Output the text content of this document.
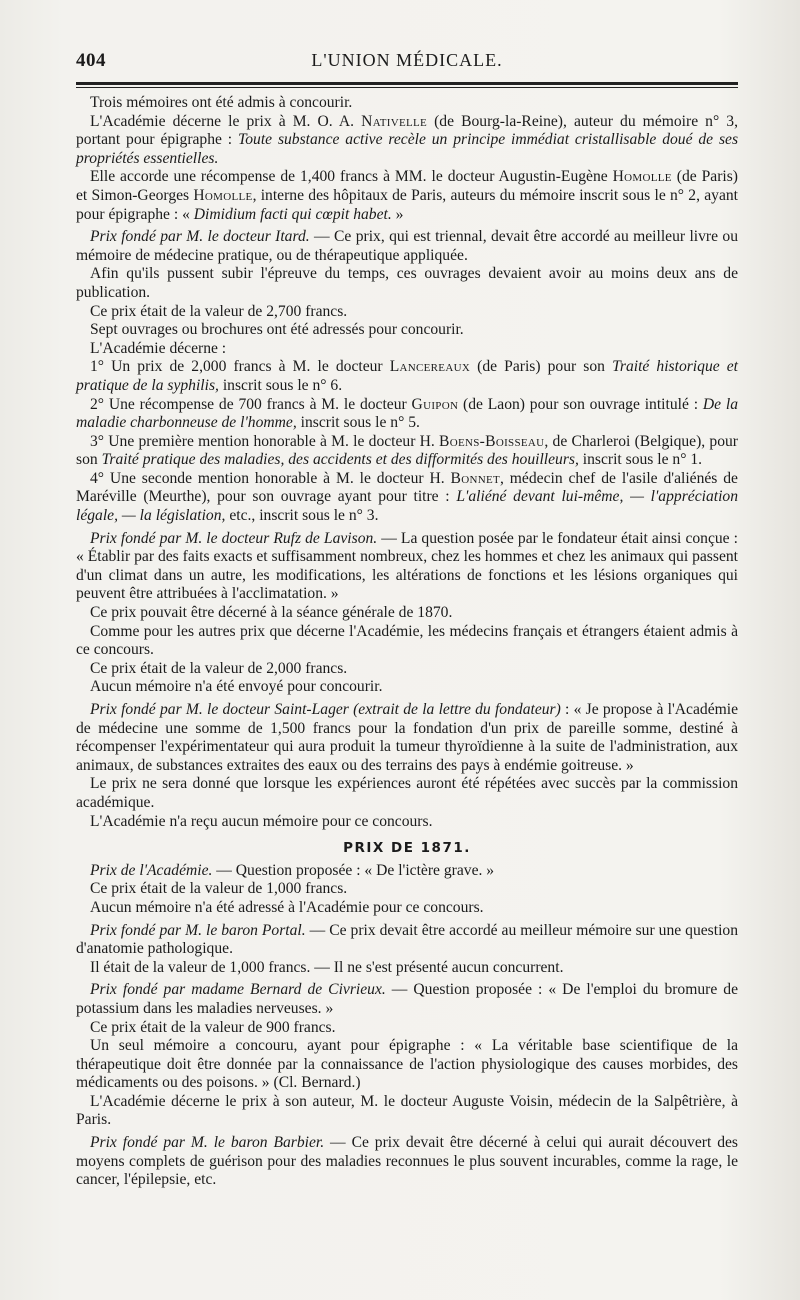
404	L'UNION MÉDICALE.

Trois mémoires ont été admis à concourir.

L'Académie décerne le prix à M. O. A. Nativelle (de Bourg-la-Reine), auteur du mémoire n° 3, portant pour épigraphe : Toute substance active recèle un principe immédiat cristallisable doué de ses propriétés essentielles.

Elle accorde une récompense de 1,400 francs à MM. le docteur Augustin-Eugène Homolle (de Paris) et Simon-Georges Homolle, interne des hôpitaux de Paris, auteurs du mémoire inscrit sous le n° 2, ayant pour épigraphe : « Dimidium facti qui cœpit habet. »

Prix fondé par M. le docteur Itard. — Ce prix, qui est triennal, devait être accordé au meilleur livre ou mémoire de médecine pratique, ou de thérapeutique appliquée.

Afin qu'ils pussent subir l'épreuve du temps, ces ouvrages devaient avoir au moins deux ans de publication.

Ce prix était de la valeur de 2,700 francs.

Sept ouvrages ou brochures ont été adressés pour concourir.

L'Académie décerne :

1° Un prix de 2,000 francs à M. le docteur Lancereaux (de Paris) pour son Traité historique et pratique de la syphilis, inscrit sous le n° 6.

2° Une récompense de 700 francs à M. le docteur Guipon (de Laon) pour son ouvrage intitulé : De la maladie charbonneuse de l'homme, inscrit sous le n° 5.

3° Une première mention honorable à M. le docteur H. Boens-Boisseau, de Charleroi (Belgique), pour son Traité pratique des maladies, des accidents et des difformités des houilleurs, inscrit sous le n° 1.

4° Une seconde mention honorable à M. le docteur H. Bonnet, médecin chef de l'asile d'aliénés de Maréville (Meurthe), pour son ouvrage ayant pour titre : L'aliéné devant lui-même, — l'appréciation légale, — la législation, etc., inscrit sous le n° 3.

Prix fondé par M. le docteur Rufz de Lavison. — La question posée par le fondateur était ainsi conçue : « Établir par des faits exacts et suffisamment nombreux, chez les hommes et chez les animaux qui passent d'un climat dans un autre, les modifications, les altérations de fonctions et les lésions organiques qui peuvent être attribuées à l'acclimatation. »

Ce prix pouvait être décerné à la séance générale de 1870.

Comme pour les autres prix que décerne l'Académie, les médecins français et étrangers étaient admis à ce concours.

Ce prix était de la valeur de 2,000 francs.

Aucun mémoire n'a été envoyé pour concourir.

Prix fondé par M. le docteur Saint-Lager (extrait de la lettre du fondateur) : « Je propose à l'Académie de médecine une somme de 1,500 francs pour la fondation d'un prix de pareille somme, destiné à récompenser l'expérimentateur qui aura produit la tumeur thyroïdienne à la suite de l'administration, aux animaux, de substances extraites des eaux ou des terrains des pays à endémie goitreuse. »

Le prix ne sera donné que lorsque les expériences auront été répétées avec succès par la commission académique.

L'Académie n'a reçu aucun mémoire pour ce concours.

PRIX DE 1871.

Prix de l'Académie. — Question proposée : « De l'ictère grave. »

Ce prix était de la valeur de 1,000 francs.

Aucun mémoire n'a été adressé à l'Académie pour ce concours.

Prix fondé par M. le baron Portal. — Ce prix devait être accordé au meilleur mémoire sur une question d'anatomie pathologique.

Il était de la valeur de 1,000 francs. — Il ne s'est présenté aucun concurrent.

Prix fondé par madame Bernard de Civrieux. — Question proposée : « De l'emploi du bromure de potassium dans les maladies nerveuses. »

Ce prix était de la valeur de 900 francs.

Un seul mémoire a concouru, ayant pour épigraphe : « La véritable base scientifique de la thérapeutique doit être donnée par la connaissance de l'action physiologique des causes morbides, des médicaments ou des poisons. » (Cl. Bernard.)

L'Académie décerne le prix à son auteur, M. le docteur Auguste Voisin, médecin de la Salpêtrière, à Paris.

Prix fondé par M. le baron Barbier. — Ce prix devait être décerné à celui qui aurait découvert des moyens complets de guérison pour des maladies reconnues le plus souvent incurables, comme la rage, le cancer, l'épilepsie, etc.
